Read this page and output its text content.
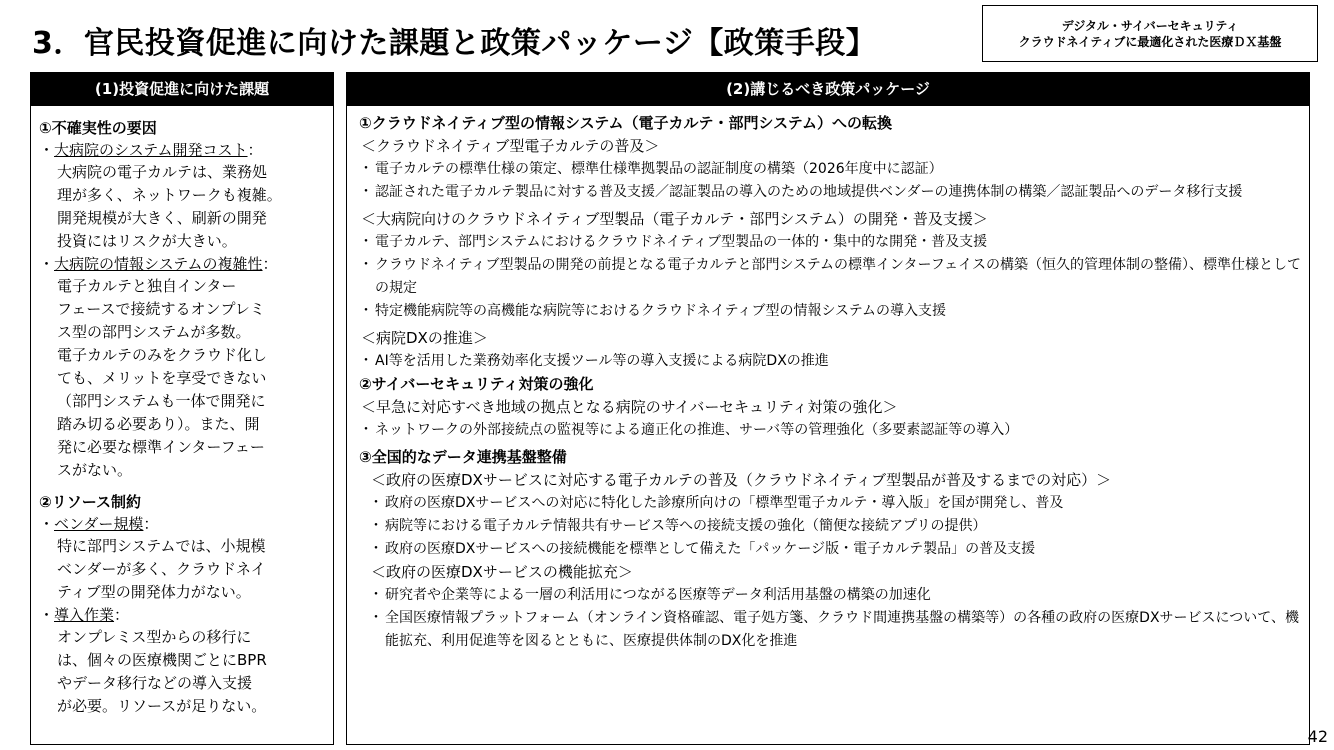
3．官民投資促進に向けた課題と政策パッケージ【政策手段】
デジタル・サイバーセキュリティ
クラウドネイティブに最適化された医療ＤＸ基盤
(1)投資促進に向けた課題
①不確実性の要因
・大病院のシステム開発コスト：
大病院の電子カルテは、業務処
理が多く、ネットワークも複雑。
開発規模が大きく、刷新の開発
投資にはリスクが大きい。
・大病院の情報システムの複雑性：
電子カルテと独自インター
フェースで接続するオンプレミ
ス型の部門システムが多数。
電子カルテのみをクラウド化し
ても、メリットを享受できない
（部門システムも一体で開発に
踏み切る必要あり）。また、開
発に必要な標準インターフェー
スがない。
②リソース制約
・ベンダー規模：
特に部門システムでは、小規模
ベンダーが多く、クラウドネイ
ティブ型の開発体力がない。
・導入作業：
オンプレミス型からの移行に
は、個々の医療機関ごとにBPR
やデータ移行などの導入支援
が必要。リソースが足りない。
(2)講じるべき政策パッケージ
①クラウドネイティブ型の情報システム（電子カルテ・部門システム）への転換
＜クラウドネイティブ型電子カルテの普及＞
・ 電子カルテの標準仕様の策定、標準仕様準拠製品の認証制度の構築（2026年度中に認証）
・ 認証された電子カルテ製品に対する普及支援／認証製品の導入のための地域提供ベンダーの連携体制の構築／認証製品へのデータ移行支援
＜大病院向けのクラウドネイティブ型製品（電子カルテ・部門システム）の開発・普及支援＞
・ 電子カルテ、部門システムにおけるクラウドネイティブ型製品の一体的・集中的な開発・普及支援
・ クラウドネイティブ型製品の開発の前提となる電子カルテと部門システムの標準インターフェイスの構築（恒久的管理体制の整備）、標準仕様としての規定
・ 特定機能病院等の高機能な病院等におけるクラウドネイティブ型の情報システムの導入支援
＜病院DXの推進＞
・ AI等を活用した業務効率化支援ツール等の導入支援による病院DXの推進
②サイバーセキュリティ対策の強化
＜早急に対応すべき地域の拠点となる病院のサイバーセキュリティ対策の強化＞
・ ネットワークの外部接続点の監視等による適正化の推進、サーバ等の管理強化（多要素認証等の導入）
③全国的なデータ連携基盤整備
＜政府の医療DXサービスに対応する電子カルテの普及（クラウドネイティブ型製品が普及するまでの対応）＞
・ 政府の医療DXサービスへの対応に特化した診療所向けの「標準型電子カルテ・導入版」を国が開発し、普及
・ 病院等における電子カルテ情報共有サービス等への接続支援の強化（簡便な接続アプリの提供）
・ 政府の医療DXサービスへの接続機能を標準として備えた「パッケージ版・電子カルテ製品」の普及支援
＜政府の医療DXサービスの機能拡充＞
・ 研究者や企業等による一層の利活用につながる医療等データ利活用基盤の構築の加速化
・ 全国医療情報プラットフォーム（オンライン資格確認、電子処方箋、クラウド間連携基盤の構築等）の各種の政府の医療DXサービスについて、機能拡充、利用促進等を図るとともに、医療提供体制のDX化を推進
42
